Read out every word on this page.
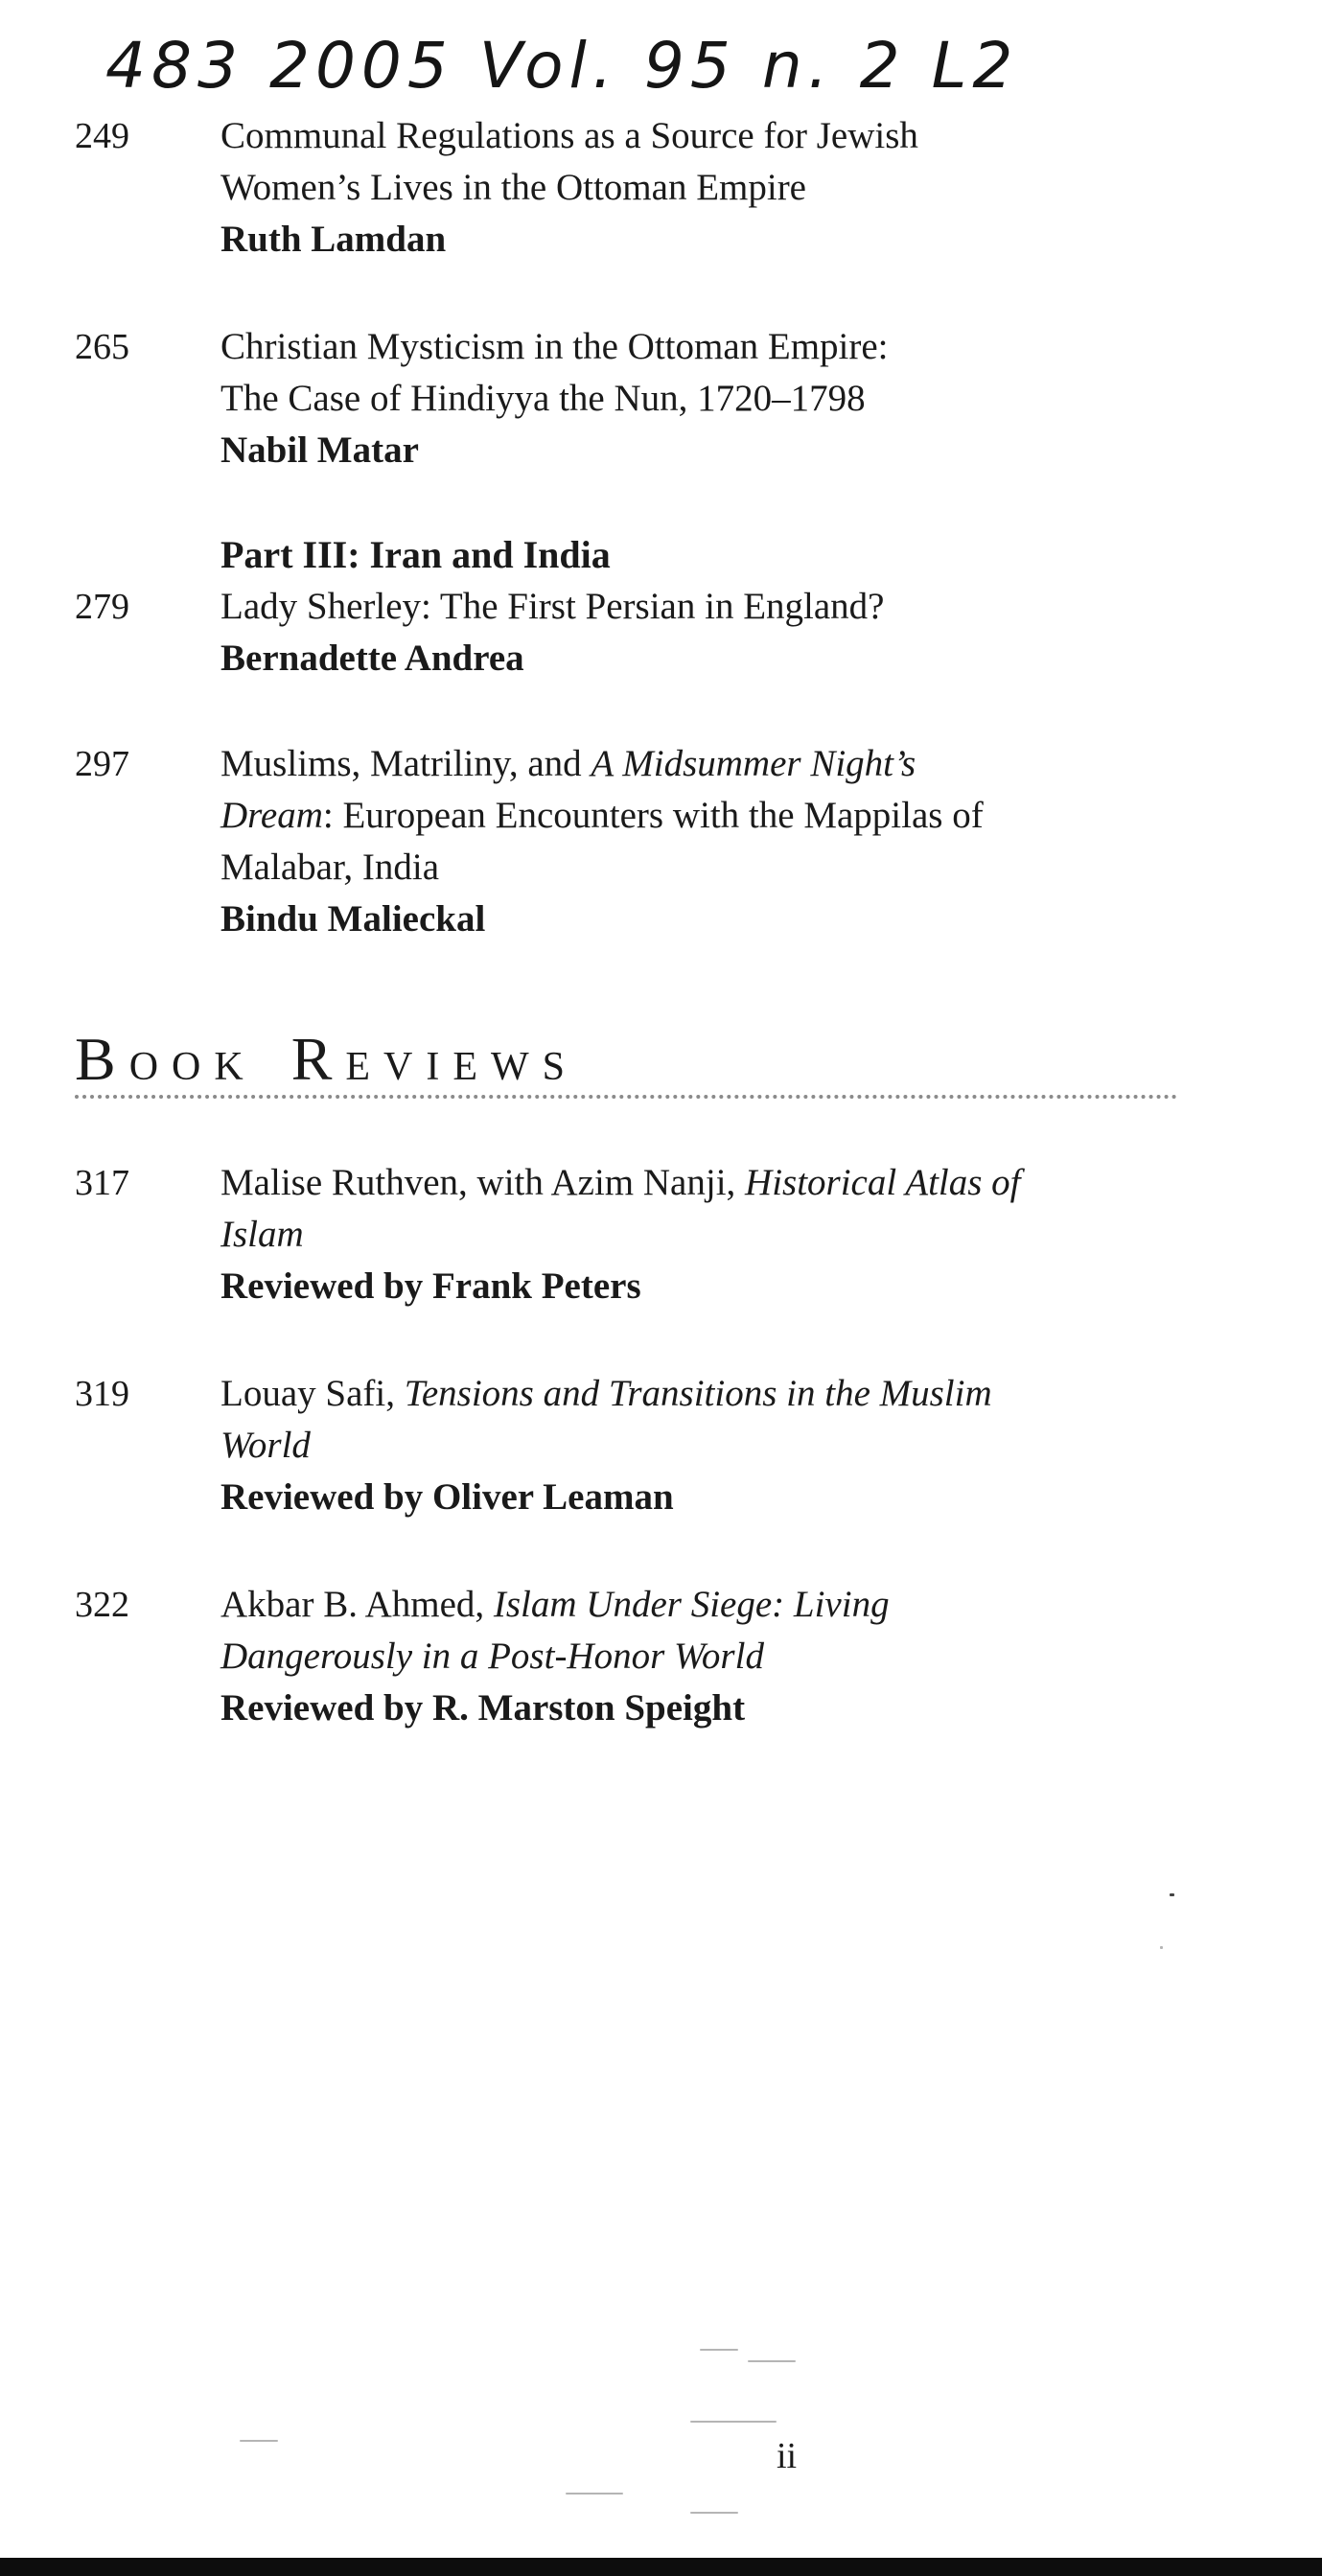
483 2005 Vol. 95 n. 2 L2
249 Communal Regulations as a Source for Jewish
Women’s Lives in the Ottoman Empire
Ruth Lamdan
265 Christian Mysticism in the Ottoman Empire:
The Case of Hindiyya the Nun, 1720–1798
Nabil Matar
Part III: Iran and India
279 Lady Sherley: The First Persian in England?
Bernadette Andrea
297 Muslims, Matriliny, and A Midsummer Night’s
Dream: European Encounters with the Mappilas of
Malabar, India
Bindu Malieckal
BOOK REVIEWS
317 Malise Ruthven, with Azim Nanji, Historical Atlas of
Islam
Reviewed by Frank Peters
319 Louay Safi, Tensions and Transitions in the Muslim
World
Reviewed by Oliver Leaman
322 Akbar B. Ahmed, Islam Under Siege: Living
Dangerously in a Post-Honor World
Reviewed by R. Marston Speight
ii
